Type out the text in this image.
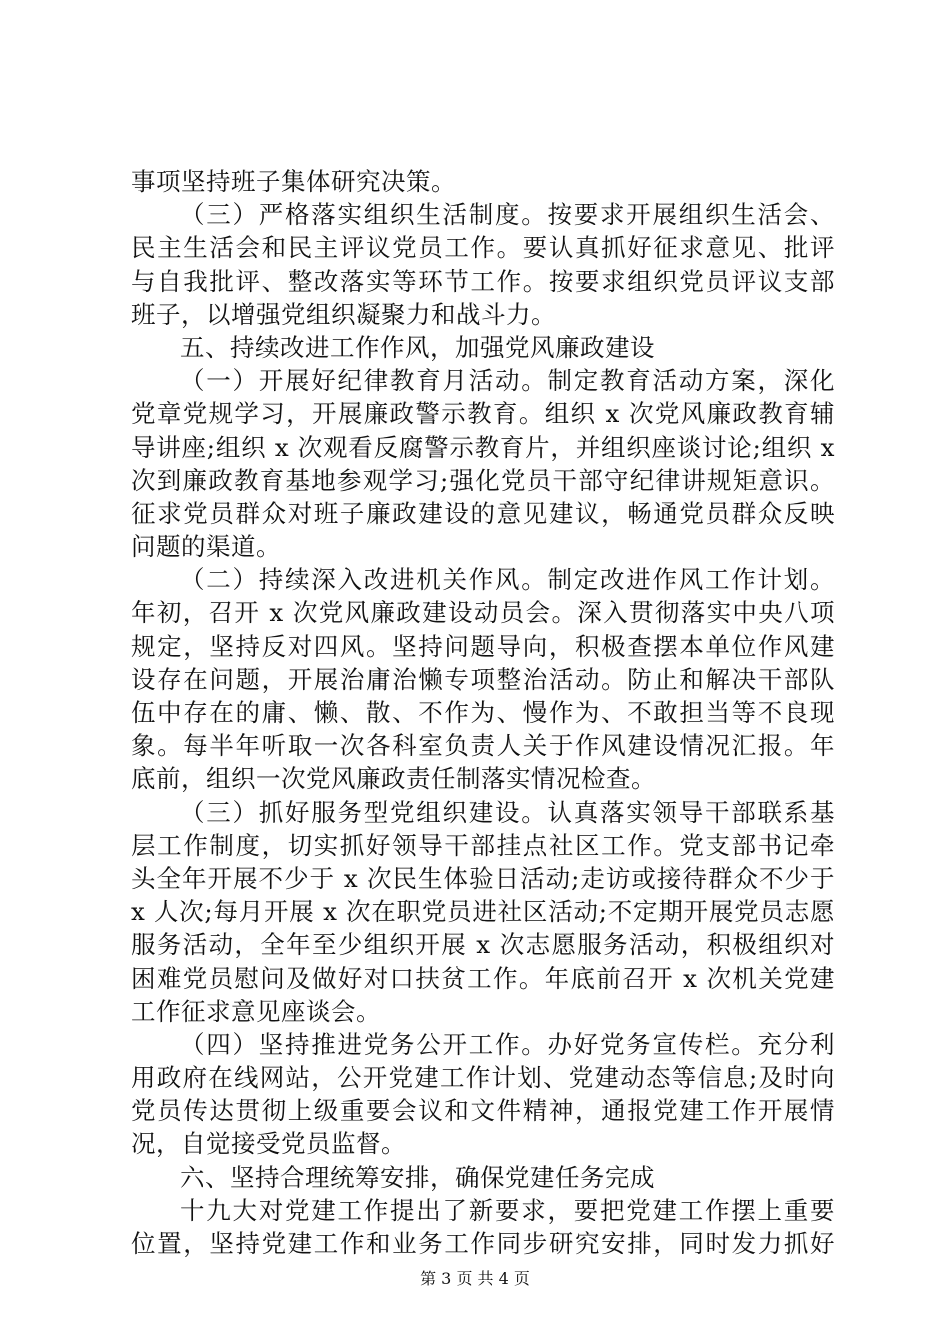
事项坚持班子集体研究决策。
（三）严格落实组织生活制度。按要求开展组织生活会、
民主生活会和民主评议党员工作。要认真抓好征求意见、批评
与自我批评、整改落实等环节工作。按要求组织党员评议支部
班子，以增强党组织凝聚力和战斗力。
五、持续改进工作作风，加强党风廉政建设
（一）开展好纪律教育月活动。制定教育活动方案，深化
党章党规学习，开展廉政警示教育。组织 x 次党风廉政教育辅
导讲座;组织 x 次观看反腐警示教育片，并组织座谈讨论;组织 x
次到廉政教育基地参观学习;强化党员干部守纪律讲规矩意识。
征求党员群众对班子廉政建设的意见建议，畅通党员群众反映
问题的渠道。
（二）持续深入改进机关作风。制定改进作风工作计划。
年初，召开 x 次党风廉政建设动员会。深入贯彻落实中央八项
规定，坚持反对四风。坚持问题导向，积极查摆本单位作风建
设存在问题，开展治庸治懒专项整治活动。防止和解决干部队
伍中存在的庸、懒、散、不作为、慢作为、不敢担当等不良现
象。每半年听取一次各科室负责人关于作风建设情况汇报。年
底前，组织一次党风廉政责任制落实情况检查。
（三）抓好服务型党组织建设。认真落实领导干部联系基
层工作制度，切实抓好领导干部挂点社区工作。党支部书记牵
头全年开展不少于 x 次民生体验日活动;走访或接待群众不少于
x 人次;每月开展 x 次在职党员进社区活动;不定期开展党员志愿
服务活动，全年至少组织开展 x 次志愿服务活动，积极组织对
困难党员慰问及做好对口扶贫工作。年底前召开 x 次机关党建
工作征求意见座谈会。
（四）坚持推进党务公开工作。办好党务宣传栏。充分利
用政府在线网站，公开党建工作计划、党建动态等信息;及时向
党员传达贯彻上级重要会议和文件精神，通报党建工作开展情
况，自觉接受党员监督。
六、坚持合理统筹安排，确保党建任务完成
十九大对党建工作提出了新要求，要把党建工作摆上重要
位置，坚持党建工作和业务工作同步研究安排，同时发力抓好
第 3 页 共 4 页
